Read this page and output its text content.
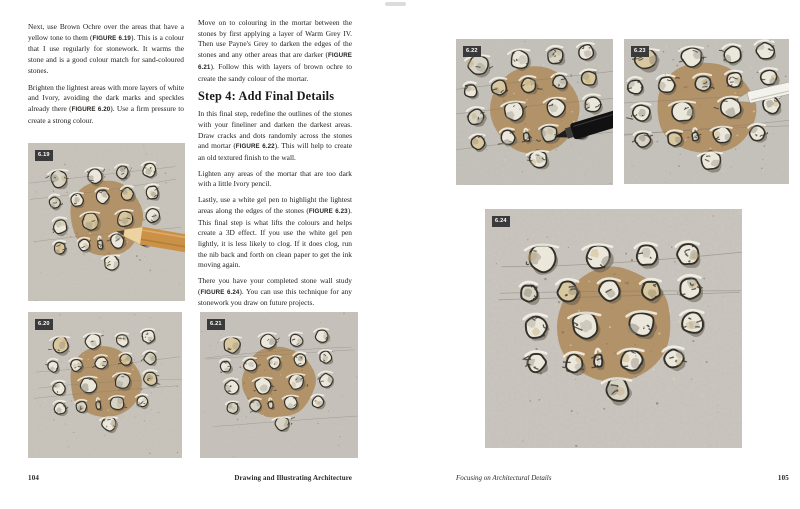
Next, use Brown Ochre over the areas that have a yellow tone to them (FIGURE 6.19). This is a colour that I use regularly for stonework. It warms the stone and is a good colour match for sand-coloured stones.

Brighten the lightest areas with more layers of white and Ivory, avoiding the dark marks and speckles already there (FIGURE 6.20). Use a firm pressure to create a strong colour.

Move on to colouring in the mortar between the stones by first applying a layer of Warm Grey IV. Then use Payne's Grey to darken the edges of the stones and any other areas that are darker (FIGURE 6.21). Follow this with layers of brown ochre to create the sandy colour of the mortar.

Step 4: Add Final Details

In this final step, redefine the outlines of the stones with your fineliner and darken the darkest areas. Draw cracks and dots randomly across the stones and mortar (FIGURE 6.22). This will help to create an old textured finish to the wall.

Lighten any areas of the mortar that are too dark with a little Ivory pencil.

Lastly, use a white gel pen to highlight the lightest areas along the edges of the stones (FIGURE 6.23). This final step is what lifts the colours and helps create a 3D effect. If you use the white gel pen lightly, it is less likely to clog. If it does clog, run the nib back and forth on clean paper to get the ink moving again.

There you have your completed stone wall study (FIGURE 6.24). You can use this technique for any stonework you draw on future projects.

6.19
6.20	6.21
104	Drawing and Illustrating Architecture
6.22	6.23
6.24
Focusing on Architectural Details	105
